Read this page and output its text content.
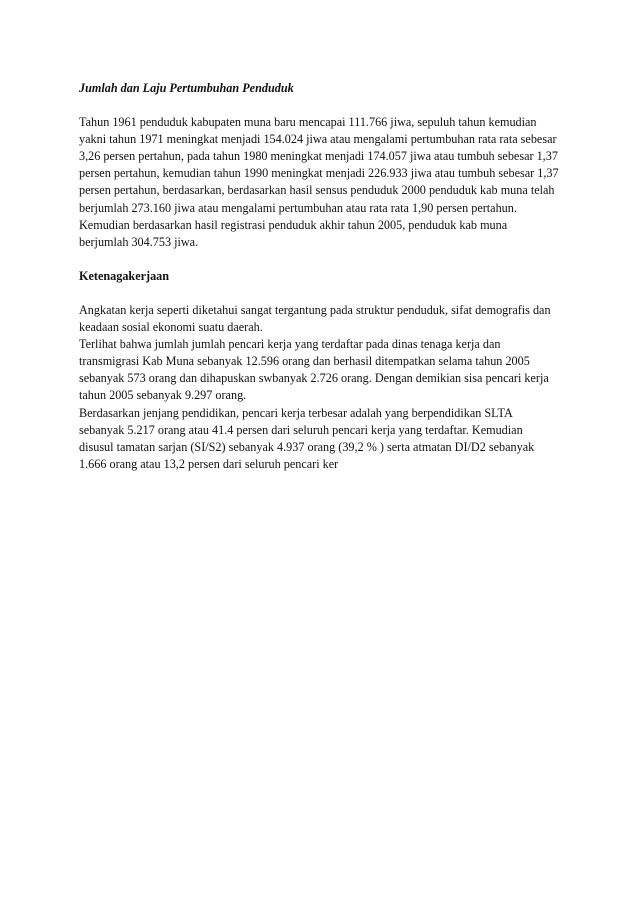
Jumlah dan Laju Pertumbuhan Penduduk

Tahun 1961 penduduk kabupaten muna baru mencapai 111.766 jiwa, sepuluh tahun kemudian yakni tahun 1971 meningkat menjadi 154.024 jiwa atau mengalami pertumbuhan rata rata sebesar 3,26 persen pertahun, pada tahun 1980 meningkat menjadi 174.057 jiwa atau tumbuh sebesar 1,37 persen pertahun, kemudian tahun 1990 meningkat menjadi 226.933 jiwa atau tumbuh sebesar 1,37 persen pertahun, berdasarkan, berdasarkan hasil sensus penduduk 2000 penduduk kab muna telah berjumlah 273.160 jiwa atau mengalami pertumbuhan atau rata rata 1,90 persen pertahun. Kemudian berdasarkan hasil registrasi penduduk akhir tahun 2005, penduduk kab muna berjumlah 304.753 jiwa.

Ketenagakerjaan

Angkatan kerja seperti diketahui sangat tergantung pada struktur penduduk, sifat demografis dan keadaan sosial ekonomi suatu daerah.

Terlihat bahwa jumlah jumlah pencari kerja yang terdaftar pada dinas tenaga kerja dan transmigrasi Kab Muna sebanyak 12.596 orang dan berhasil ditempatkan selama tahun 2005 sebanyak 573 orang dan dihapuskan swbanyak 2.726 orang. Dengan demikian sisa pencari kerja tahun 2005 sebanyak 9.297 orang.

Berdasarkan jenjang pendidikan, pencari kerja terbesar adalah yang berpendidikan SLTA sebanyak 5.217 orang atau 41.4 persen dari seluruh pencari kerja yang terdaftar. Kemudian disusul tamatan sarjan (SI/S2) sebanyak 4.937 orang (39,2 % ) serta atmatan DI/D2 sebanyak 1.666 orang atau 13,2 persen dari seluruh pencari ker
